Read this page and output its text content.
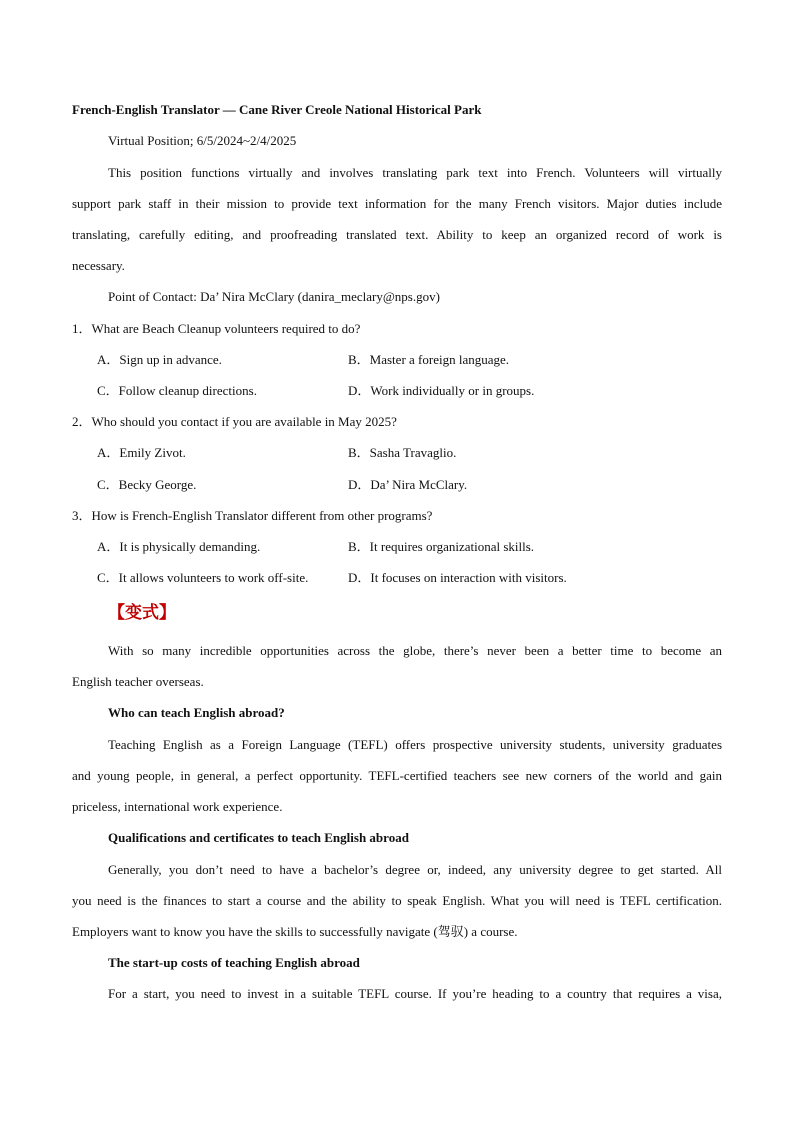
French-English Translator — Cane River Creole National Historical Park
Virtual Position; 6/5/2024~2/4/2025
This position functions virtually and involves translating park text into French. Volunteers will virtually
support park staff in their mission to provide text information for the many French visitors. Major duties include
translating, carefully editing, and proofreading translated text. Ability to keep an organized record of work is
necessary.
Point of Contact: Da’ Nira McClary (danira_meclary@nps.gov)
1．What are Beach Cleanup volunteers required to do?
A．Sign up in advance.	B．Master a foreign language.
C．Follow cleanup directions.	D．Work individually or in groups.
2．Who should you contact if you are available in May 2025?
A．Emily Zivot.	B．Sasha Travaglio.
C．Becky George.	D．Da’ Nira McClary.
3．How is French-English Translator different from other programs?
A．It is physically demanding.	B．It requires organizational skills.
C．It allows volunteers to work off-site.	D．It focuses on interaction with visitors.
【变式】
With so many incredible opportunities across the globe, there’s never been a better time to become an
English teacher overseas.
Who can teach English abroad?
Teaching English as a Foreign Language (TEFL) offers prospective university students, university graduates
and young people, in general, a perfect opportunity. TEFL-certified teachers see new corners of the world and gain
priceless, international work experience.
Qualifications and certificates to teach English abroad
Generally, you don’t need to have a bachelor’s degree or, indeed, any university degree to get started. All
you need is the finances to start a course and the ability to speak English. What you will need is TEFL certification.
Employers want to know you have the skills to successfully navigate (驾驭) a course.
The start-up costs of teaching English abroad
For a start, you need to invest in a suitable TEFL course. If you’re heading to a country that requires a visa,
